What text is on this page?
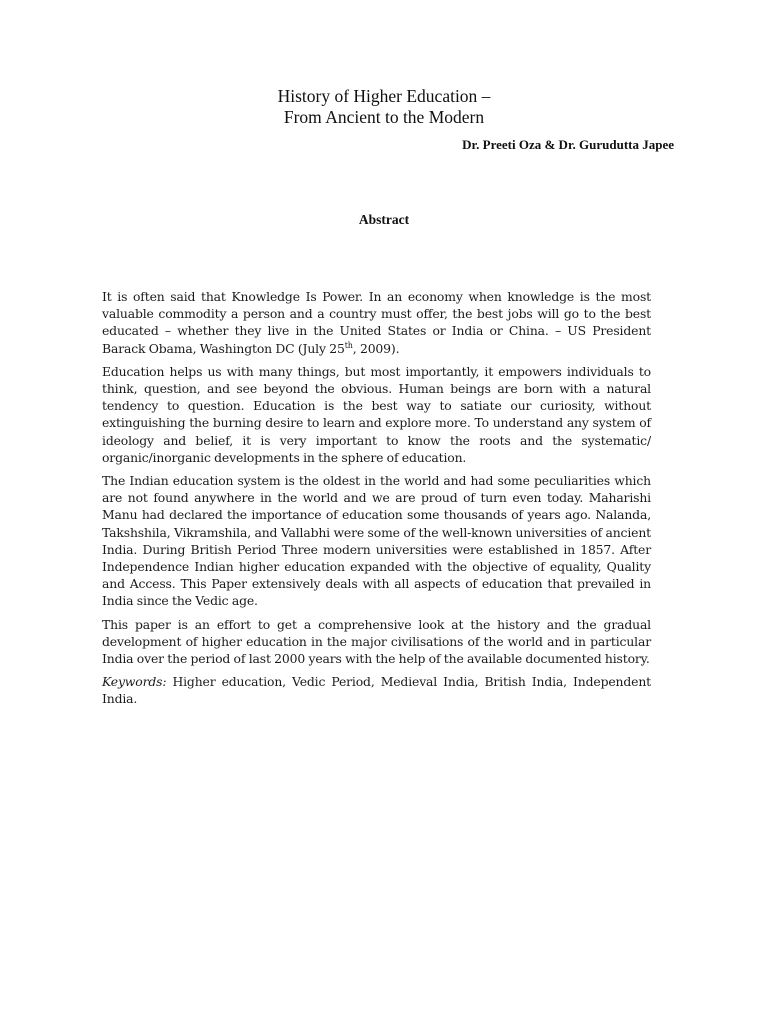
History of Higher Education –
From Ancient to the Modern
Dr. Preeti Oza & Dr. Gurudutta Japee
Abstract

It is often said that Knowledge Is Power. In an economy when knowledge is the most valuable commodity a person and a country must offer, the best jobs will go to the best educated – whether they live in the United States or India or China. – US President Barack Obama, Washington DC (July 25th, 2009).

Education helps us with many things, but most importantly, it empowers individuals to think, question, and see beyond the obvious. Human beings are born with a natural tendency to question. Education is the best way to satiate our curiosity, without extinguishing the burning desire to learn and explore more. To understand any system of ideology and belief, it is very important to know the roots and the systematic/ organic/inorganic developments in the sphere of education.

The Indian education system is the oldest in the world and had some peculiarities which are not found anywhere in the world and we are proud of turn even today. Maharishi Manu had declared the importance of education some thousands of years ago. Nalanda, Takshshila, Vikramshila, and Vallabhi were some of the well-known universities of ancient India. During British Period Three modern universities were established in 1857. After Independence Indian higher education expanded with the objective of equality, Quality and Access. This Paper extensively deals with all aspects of education that prevailed in India since the Vedic age.

This paper is an effort to get a comprehensive look at the history and the gradual development of higher education in the major civilisations of the world and in particular India over the period of last 2000 years with the help of the available documented history.

Keywords: Higher education, Vedic Period, Medieval India, British India, Independent India.
